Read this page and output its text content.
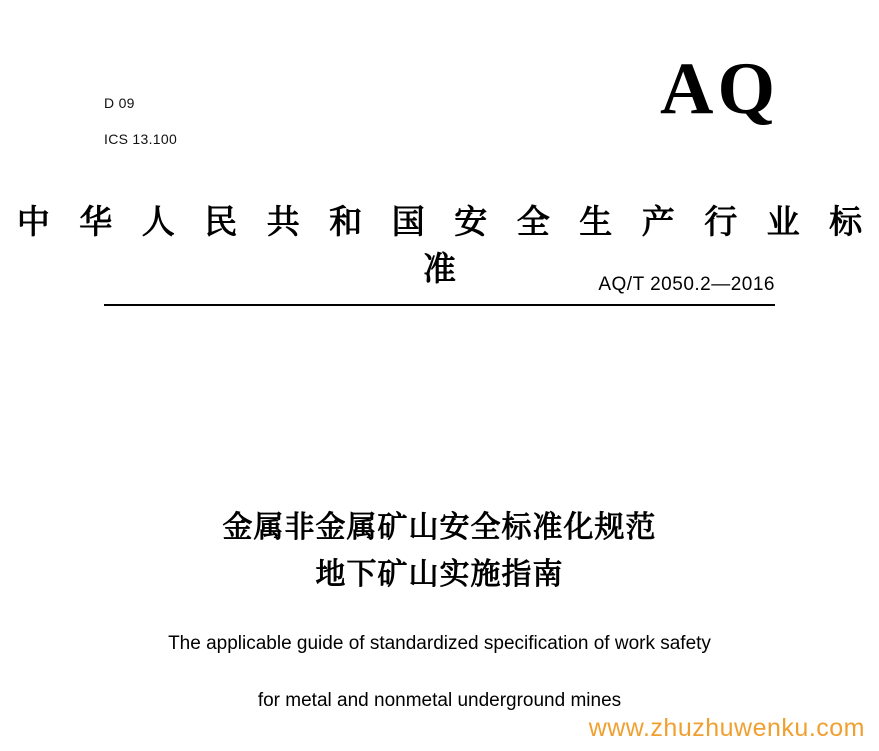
D 09
ICS 13.100
AQ
中 华 人 民 共 和 国 安 全 生 产 行 业 标 准	AQ/T 2050.2—2016
金属非金属矿山安全标准化规范
地下矿山实施指南
The applicable guide of standardized specification of work safety
for metal and nonmetal underground mines
www.zhuzhuwenku.com
